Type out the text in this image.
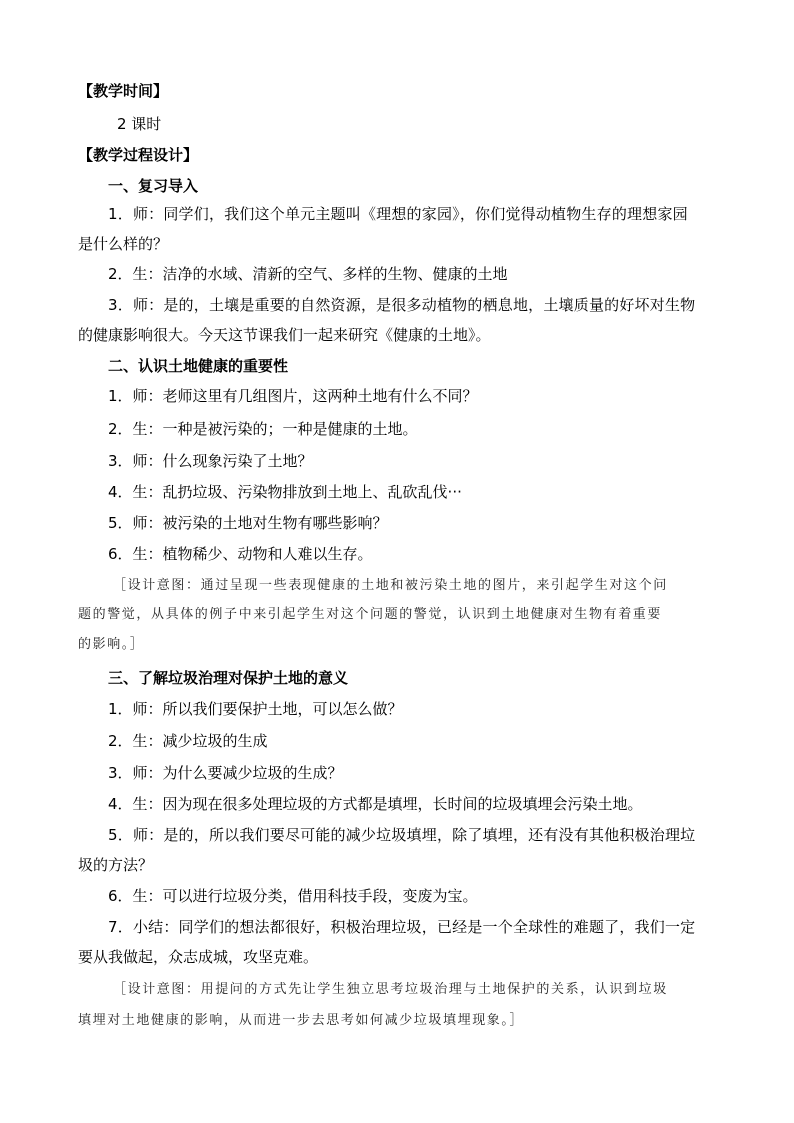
【教学时间】
2 课时
【教学过程设计】
一、复习导入
1．师：同学们，我们这个单元主题叫《理想的家园》，你们觉得动植物生存的理想家园
是什么样的？
2．生：洁净的水域、清新的空气、多样的生物、健康的土地
3．师：是的，土壤是重要的自然资源，是很多动植物的栖息地，土壤质量的好坏对生物
的健康影响很大。今天这节课我们一起来研究《健康的土地》。
二、认识土地健康的重要性
1．师：老师这里有几组图片，这两种土地有什么不同？
2．生：一种是被污染的；一种是健康的土地。
3．师：什么现象污染了土地？
4．生：乱扔垃圾、污染物排放到土地上、乱砍乱伐···
5．师：被污染的土地对生物有哪些影响？
6．生：植物稀少、动物和人难以生存。
［设计意图：通过呈现一些表现健康的土地和被污染土地的图片，来引起学生对这个问
题的警觉，从具体的例子中来引起学生对这个问题的警觉，认识到土地健康对生物有着重要
的影响。］
三、了解垃圾治理对保护土地的意义
1．师：所以我们要保护土地，可以怎么做？
2．生：减少垃圾的生成
3．师：为什么要减少垃圾的生成？
4．生：因为现在很多处理垃圾的方式都是填埋，长时间的垃圾填埋会污染土地。
5．师：是的，所以我们要尽可能的减少垃圾填埋，除了填埋，还有没有其他积极治理垃
圾的方法？
6．生：可以进行垃圾分类，借用科技手段，变废为宝。
7．小结：同学们的想法都很好，积极治理垃圾，已经是一个全球性的难题了，我们一定
要从我做起，众志成城，攻坚克难。
［设计意图：用提问的方式先让学生独立思考垃圾治理与土地保护的关系，认识到垃圾
填埋对土地健康的影响，从而进一步去思考如何减少垃圾填埋现象。］
